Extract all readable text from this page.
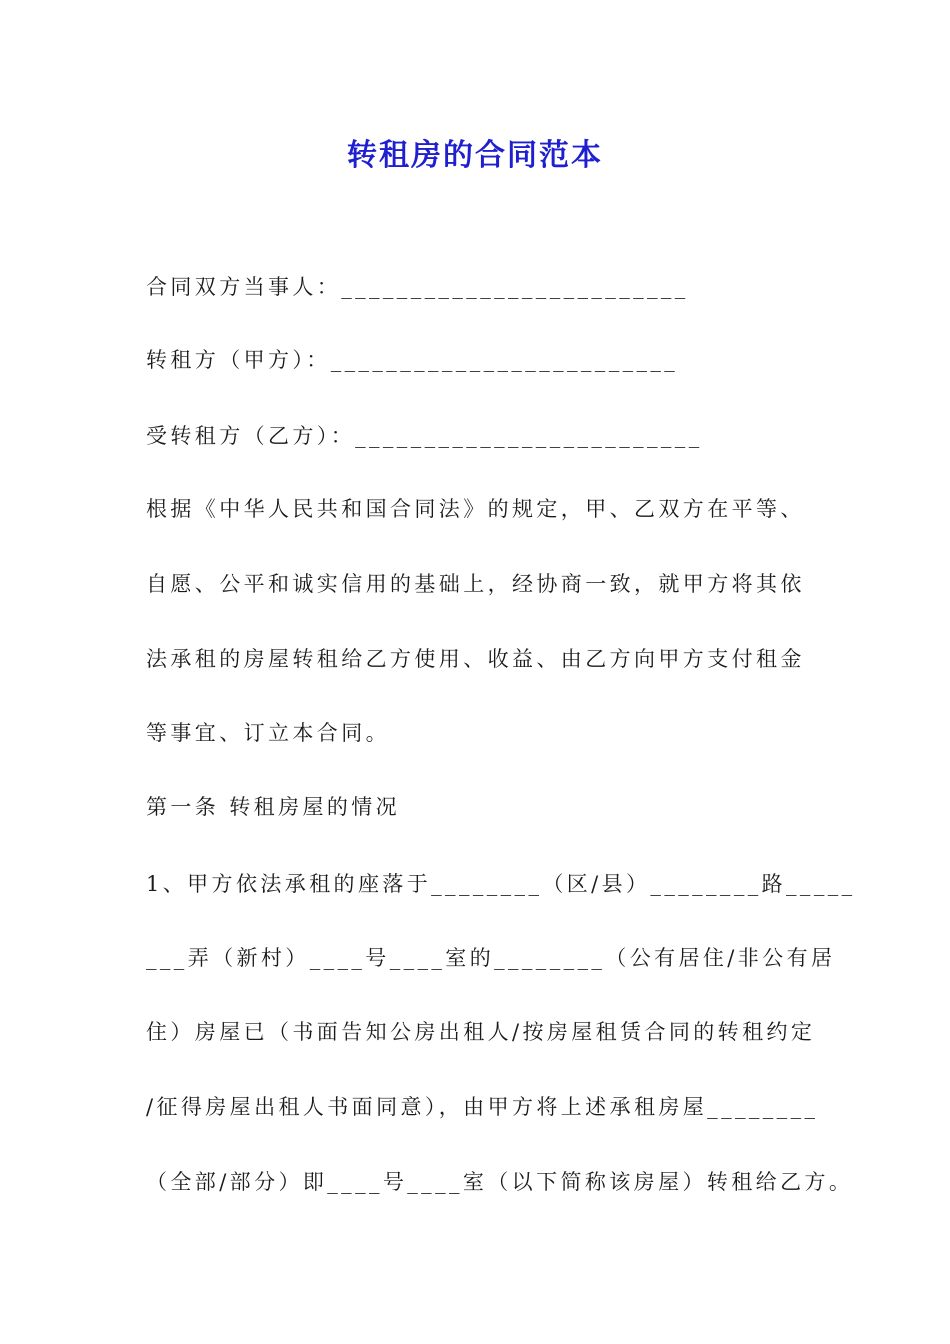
转租房的合同范本
合同双方当事人：_________________________
转租方（甲方）：_________________________
受转租方（乙方）：_________________________
根据《中华人民共和国合同法》的规定，甲、乙双方在平等、
自愿、公平和诚实信用的基础上，经协商一致，就甲方将其依
法承租的房屋转租给乙方使用、收益、由乙方向甲方支付租金
等事宜、订立本合同。
第一条 转租房屋的情况
1、甲方依法承租的座落于________（区/县）________路_____
___弄（新村）____号____室的________（公有居住/非公有居
住）房屋已（书面告知公房出租人/按房屋租赁合同的转租约定
/征得房屋出租人书面同意），由甲方将上述承租房屋________
（全部/部分）即____号____室（以下简称该房屋）转租给乙方。
